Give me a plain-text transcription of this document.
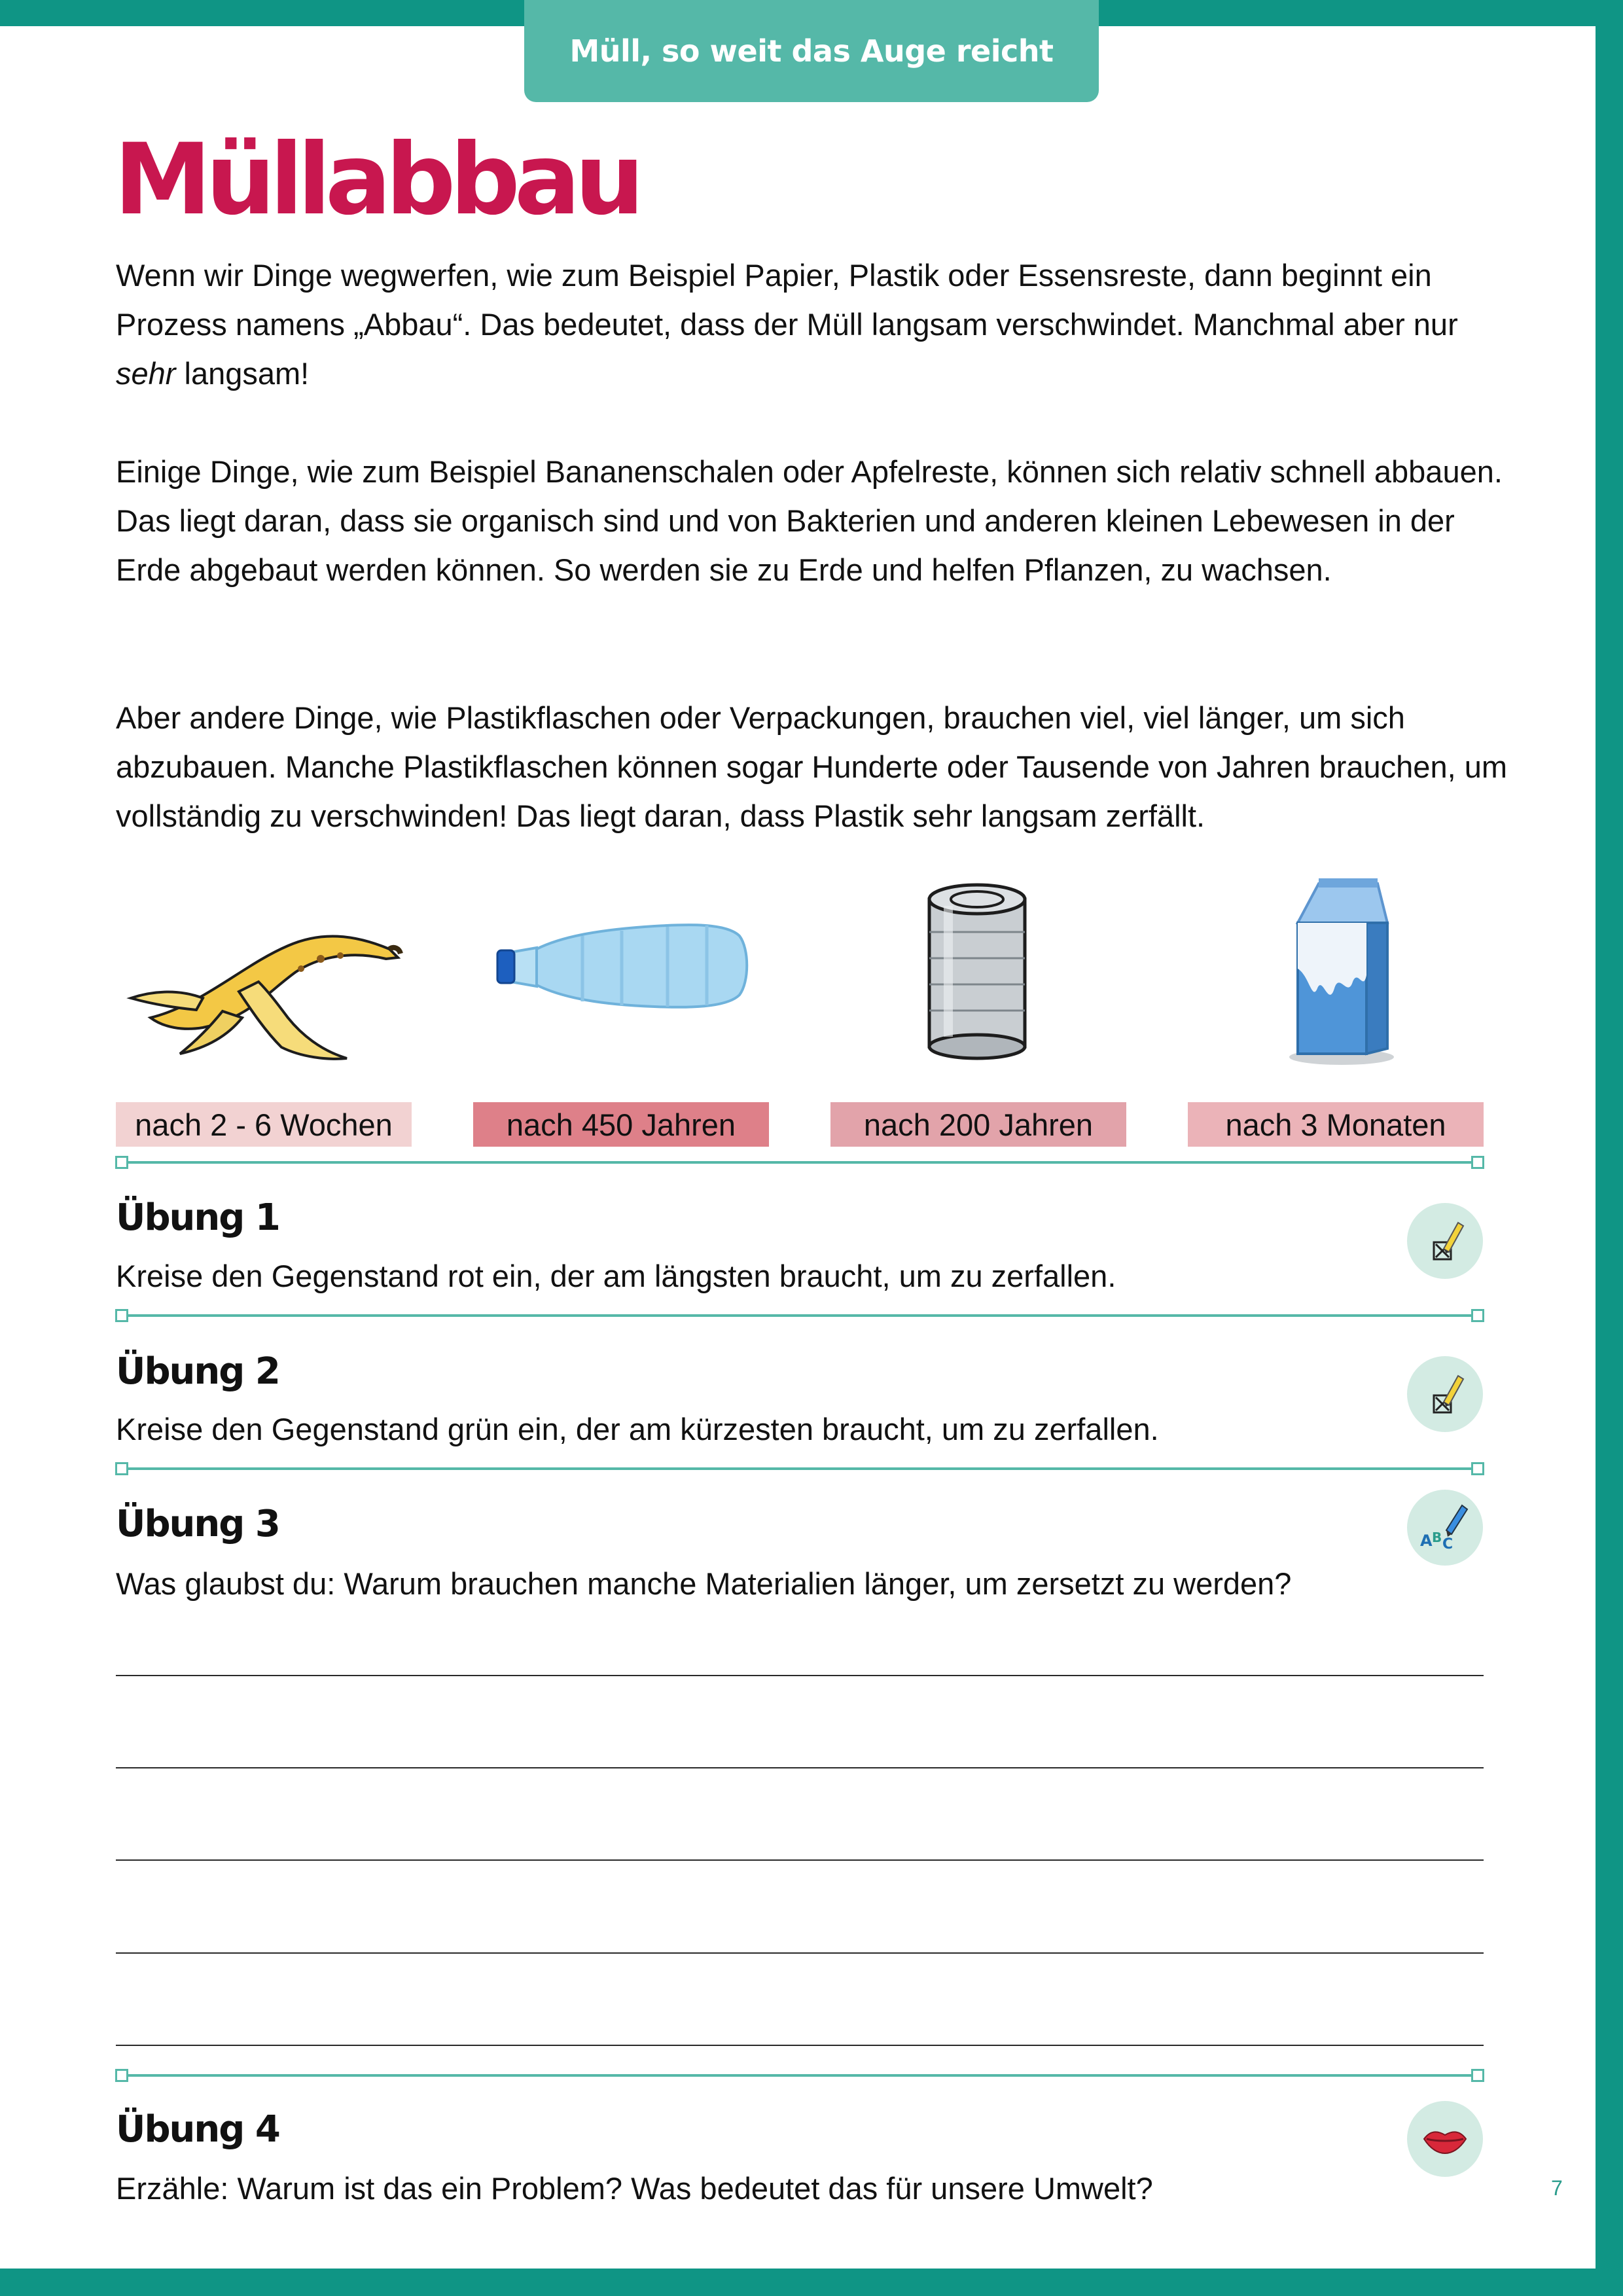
Müll, so weit das Auge reicht
Müllabbau

Wenn wir Dinge wegwerfen, wie zum Beispiel Papier, Plastik oder Essensreste, dann beginnt ein Prozess namens „Abbau“. Das bedeutet, dass der Müll langsam verschwindet. Manchmal aber nur sehr langsam!

Einige Dinge, wie zum Beispiel Bananenschalen oder Apfelreste, können sich relativ schnell abbauen. Das liegt daran, dass sie organisch sind und von Bakterien und anderen kleinen Lebewesen in der Erde abgebaut werden können. So werden sie zu Erde und helfen Pflanzen, zu wachsen.

Aber andere Dinge, wie Plastikflaschen oder Verpackungen, brauchen viel, viel länger, um sich abzubauen. Manche Plastikflaschen können sogar Hunderte oder Tausende von Jahren brauchen, um vollständig zu verschwinden! Das liegt daran, dass Plastik sehr langsam zerfällt.

nach 2 - 6 Wochen	nach 450 Jahren	nach 200 Jahren	nach 3 Monaten
Übung 1

Kreise den Gegenstand rot ein, der am längsten braucht, um zu zerfallen.

Übung 2

Kreise den Gegenstand grün ein, der am kürzesten braucht, um zu zerfallen.

Übung 3

Was glaubst du: Warum brauchen manche Materialien länger, um zersetzt zu werden?

A B C
Übung 4

Erzähle: Warum ist das ein Problem? Was bedeutet das für unsere Umwelt?	7
